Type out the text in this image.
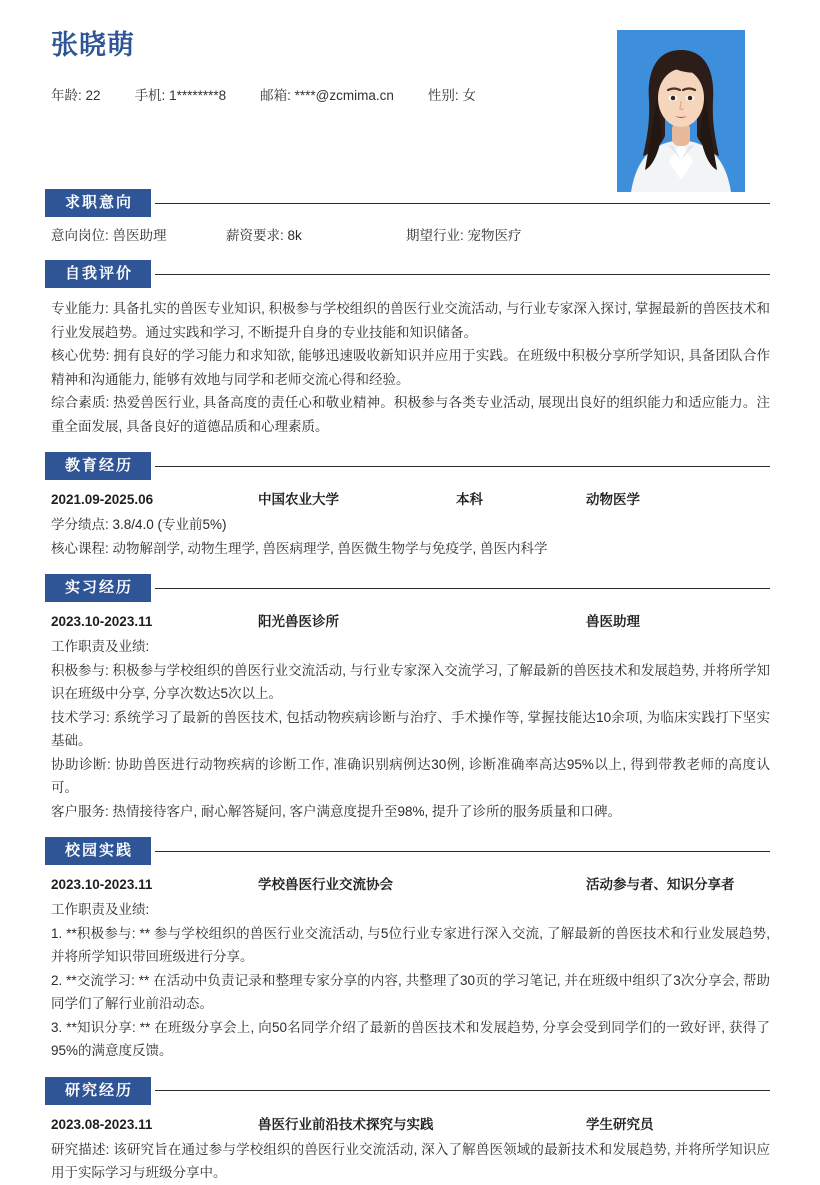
张晓萌
年龄: 22	手机: 1********8	邮箱: ****@zcmima.cn	性别: 女
求职意向
意向岗位: 兽医助理	薪资要求: 8k	期望行业: 宠物医疗
自我评价

专业能力: 具备扎实的兽医专业知识, 积极参与学校组织的兽医行业交流活动, 与行业专家深入探讨, 掌握最新的兽医技术和行业发展趋势。通过实践和学习, 不断提升自身的专业技能和知识储备。

核心优势: 拥有良好的学习能力和求知欲, 能够迅速吸收新知识并应用于实践。在班级中积极分享所学知识, 具备团队合作精神和沟通能力, 能够有效地与同学和老师交流心得和经验。

综合素质: 热爱兽医行业, 具备高度的责任心和敬业精神。积极参与各类专业活动, 展现出良好的组织能力和适应能力。注重全面发展, 具备良好的道德品质和心理素质。

教育经历
2021.09-2025.06	中国农业大学	本科	动物医学
学分绩点: 3.8/4.0 (专业前5%)
核心课程: 动物解剖学, 动物生理学, 兽医病理学, 兽医微生物学与免疫学, 兽医内科学
实习经历
2023.10-2023.11	阳光兽医诊所	兽医助理
工作职责及业绩:

积极参与: 积极参与学校组织的兽医行业交流活动, 与行业专家深入交流学习, 了解最新的兽医技术和发展趋势, 并将所学知识在班级中分享, 分享次数达5次以上。

技术学习: 系统学习了最新的兽医技术, 包括动物疾病诊断与治疗、手术操作等, 掌握技能达10余项, 为临床实践打下坚实基础。

协助诊断: 协助兽医进行动物疾病的诊断工作, 准确识别病例达30例, 诊断准确率高达95%以上, 得到带教老师的高度认可。

客户服务: 热情接待客户, 耐心解答疑问, 客户满意度提升至98%, 提升了诊所的服务质量和口碑。

校园实践
2023.10-2023.11	学校兽医行业交流协会	活动参与者、知识分享者
工作职责及业绩:

1. **积极参与: ** 参与学校组织的兽医行业交流活动, 与5位行业专家进行深入交流, 了解最新的兽医技术和行业发展趋势, 并将所学知识带回班级进行分享。

2. **交流学习: ** 在活动中负责记录和整理专家分享的内容, 共整理了30页的学习笔记, 并在班级中组织了3次分享会, 帮助同学们了解行业前沿动态。

3. **知识分享: ** 在班级分享会上, 向50名同学介绍了最新的兽医技术和发展趋势, 分享会受到同学们的一致好评, 获得了95%的满意度反馈。

研究经历
2023.08-2023.11	兽医行业前沿技术探究与实践	学生研究员

研究描述: 该研究旨在通过参与学校组织的兽医行业交流活动, 深入了解兽医领域的最新技术和发展趋势, 并将所学知识应用于实际学习与班级分享中。
